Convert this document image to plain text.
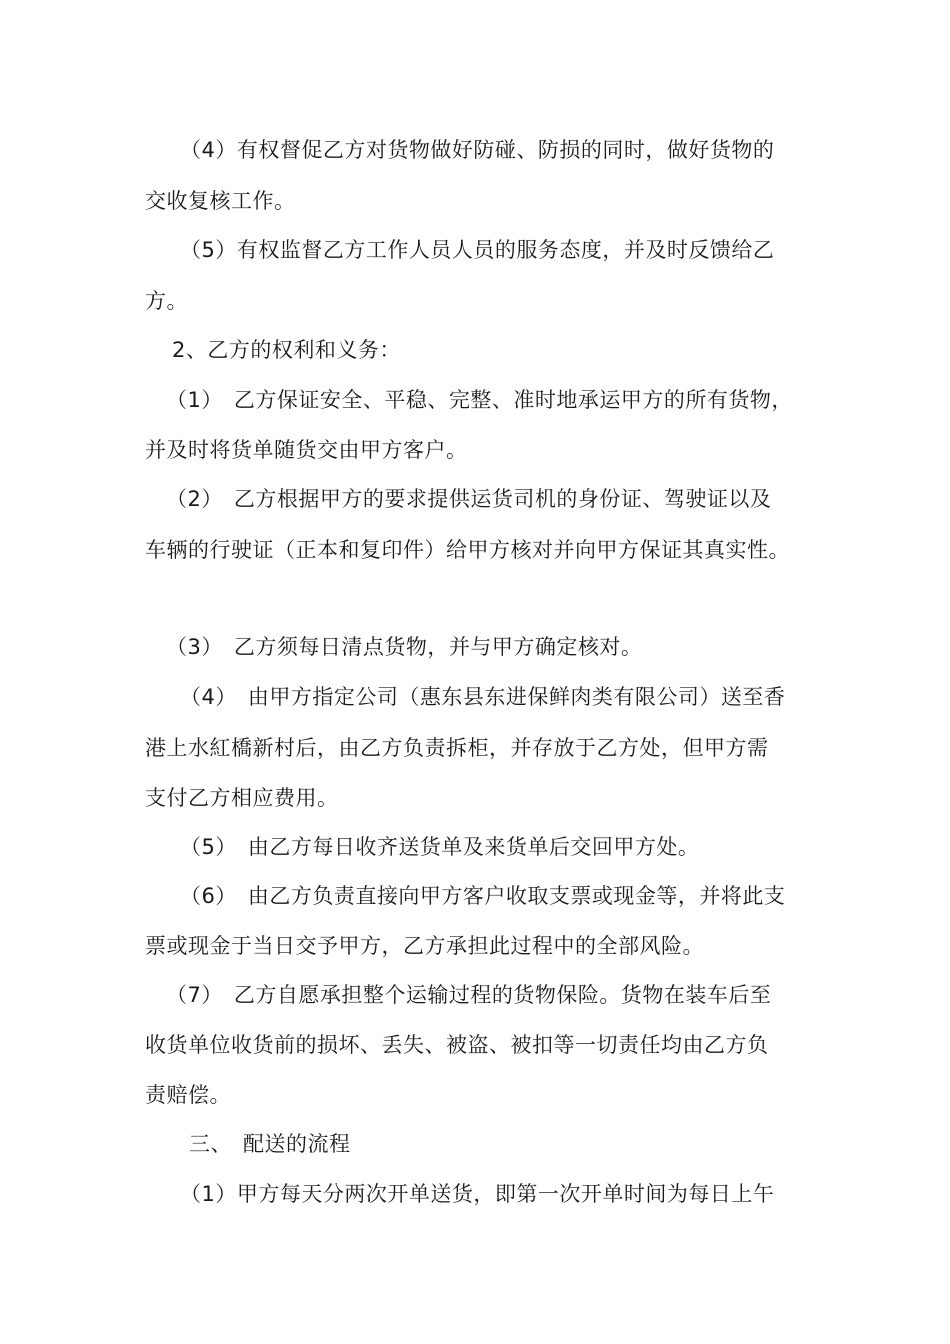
（4）有权督促乙方对货物做好防碰、防损的同时，做好货物的
交收复核工作。
（5）有权监督乙方工作人员人员的服务态度，并及时反馈给乙
方。
2、乙方的权利和义务：
（1）　乙方保证安全、平稳、完整、准时地承运甲方的所有货物，
并及时将货单随货交由甲方客户。
（2）　乙方根据甲方的要求提供运货司机的身份证、驾驶证以及
车辆的行驶证（正本和复印件）给甲方核对并向甲方保证其真实性。
（3）　乙方须每日清点货物，并与甲方确定核对。
（4）　由甲方指定公司（惠东县东进保鲜肉类有限公司）送至香
港上水紅橋新村后，由乙方负责拆柜，并存放于乙方处，但甲方需
支付乙方相应费用。
（5）　由乙方每日收齐送货单及来货单后交回甲方处。
（6）　由乙方负责直接向甲方客户收取支票或现金等，并将此支
票或现金于当日交予甲方，乙方承担此过程中的全部风险。
（7）　乙方自愿承担整个运输过程的货物保险。货物在装车后至
收货单位收货前的损坏、丢失、被盗、被扣等一切责任均由乙方负
责赔偿。
三、　配送的流程
（1）甲方每天分两次开单送货，即第一次开单时间为每日上午
